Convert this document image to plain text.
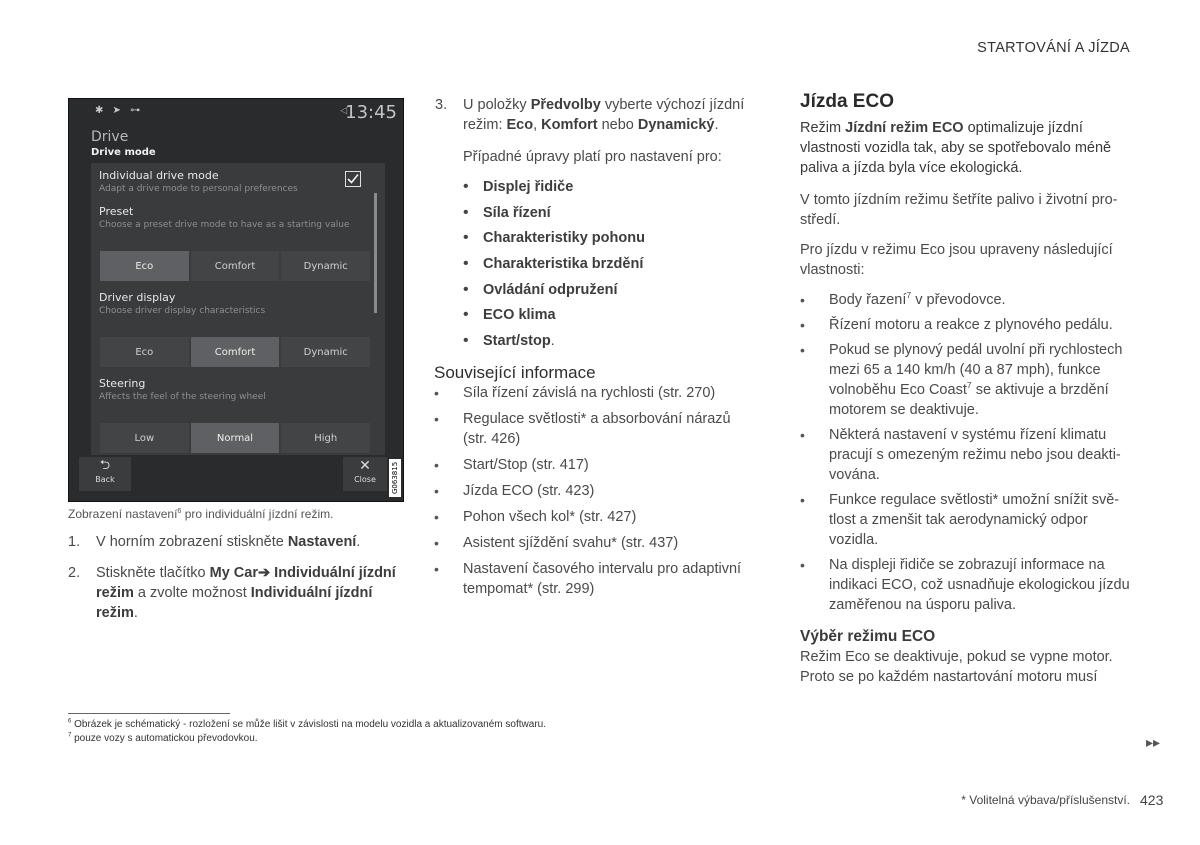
STARTOVÁNÍ A JÍZDA
✱ ➤ ⊶	◁
13:45
Drive
Drive mode
Individual drive mode
Adapt a drive mode to personal preferences
Preset
Choose a preset drive mode to have as a starting value
Eco	Comfort	Dynamic
Driver display
Choose driver display characteristics
Eco	Comfort	Dynamic
Steering
Affects the feel of the steering wheel
Low	Normal	High
⮌
Back
✕
Close	G063815
Zobrazení nastavení$^6$ pro individuální jízdní režim.
1. V horním zobrazení stiskněte Nastavení.
2. Stiskněte tlačítko My Car➔ Individuální jízdní režim a zvolte možnost Individuální jízdní režim.
3. U položky Předvolby vyberte výchozí jízdní režim: Eco, Komfort nebo Dynamický.

Případné úpravy platí pro nastavení pro:

• Displej řidiče
• Síla řízení
• Charakteristiky pohonu
• Charakteristika brzdění
• Ovládání odpružení
• ECO klima
• Start/stop.
Související informace
• Síla řízení závislá na rychlosti (str. 270)
• Regulace světlosti* a absorbování nárazů (str. 426)
• Start/Stop (str. 417)
• Jízda ECO (str. 423)
• Pohon všech kol* (str. 427)
• Asistent sjíždění svahu* (str. 437)
• Nastavení časového intervalu pro adaptivní tempomat* (str. 299)
Jízda ECO

Režim Jízdní režim ECO optimalizuje jízdní vlastnosti vozidla tak, aby se spotřebovalo méně paliva a jízda byla více ekologická.

V tomto jízdním režimu šetříte palivo i životní pro-středí.

Pro jízdu v režimu Eco jsou upraveny následující vlastnosti:

• Body řazení$^7$ v převodovce.
• Řízení motoru a reakce z plynového pedálu.
• Pokud se plynový pedál uvolní při rychlostech mezi 65 a 140 km/h (40 a 87 mph), funkce volnoběhu Eco Coast$^7$ se aktivuje a brzdění motorem se deaktivuje.
• Některá nastavení v systému řízení klimatu pracují s omezeným režimu nebo jsou deakti-vována.
• Funkce regulace světlosti* umožní snížit svě-tlost a zmenšit tak aerodynamický odpor vozidla.
• Na displeji řidiče se zobrazují informace na indikaci ECO, což usnadňuje ekologickou jízdu zaměřenou na úsporu paliva.
Výběr režimu ECO

Režim Eco se deaktivuje, pokud se vypne motor. Proto se po každém nastartování motoru musí

$^6$ Obrázek je schématický - rozložení se může lišit v závislosti na modelu vozidla a aktualizovaném softwaru.
$^7$ pouze vozy s automatickou převodovkou.	▸▸
* Volitelná výbava/příslušenství. 423
